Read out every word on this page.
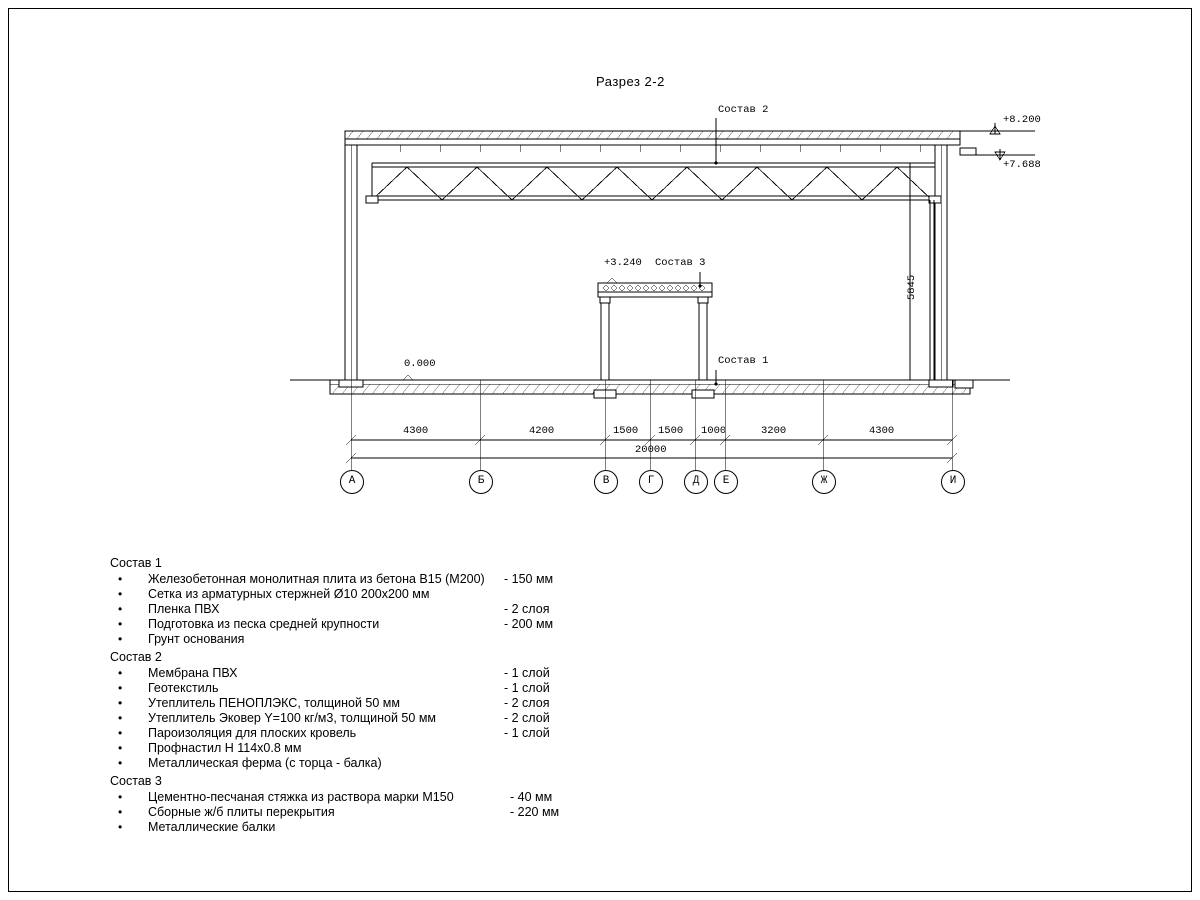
Разрез 2-2
Состав 2
Состав 3
Состав 1
+8.200
+7.688
+3.240
0.000
5845
4300	4200	1500 1500 1000	3200	4300
20000
А	Б	В	Г	Д	Е	Ж	И
Состав 1
• Железобетонная монолитная плита из бетона В15 (М200) - 150 мм
• Сетка из арматурных стержней Ø10 200х200 мм
• Пленка ПВХ	- 2 слоя
• Подготовка из песка средней крупности	- 200 мм
• Грунт основания
Состав 2
• Мембрана ПВХ	- 1 слой
• Геотекстиль	- 1 слой
• Утеплитель ПЕНОПЛЭКС, толщиной 50 мм	- 2 слоя
• Утеплитель Эковер Y=100 кг/м3, толщиной 50 мм	- 2 слой
• Пароизоляция для плоских кровель	- 1 слой
• Профнастил Н 114х0.8 мм
• Металлическая ферма (с торца - балка)
Состав 3
• Цементно-песчаная стяжка из раствора марки М150	- 40 мм
• Сборные ж/б плиты перекрытия	- 220 мм
• Металлические балки
